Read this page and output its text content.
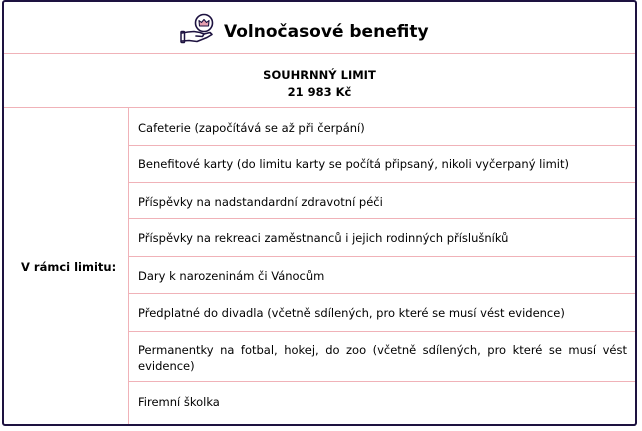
Volnočasové benefity
SOUHRNNÝ LIMIT
21 983 Kč
V rámci limitu:
Cafeterie (započítává se až při čerpání)
Benefitové karty (do limitu karty se počítá připsaný, nikoli vyčerpaný limit)
Příspěvky na nadstandardní zdravotní péči
Příspěvky na rekreaci zaměstnanců i jejich rodinných příslušníků
Dary k narozeninám či Vánocům
Předplatné do divadla (včetně sdílených, pro které se musí vést evidence)
Permanentky na fotbal, hokej, do zoo (včetně sdílených, pro které se musí vést evidence)
Firemní školka
